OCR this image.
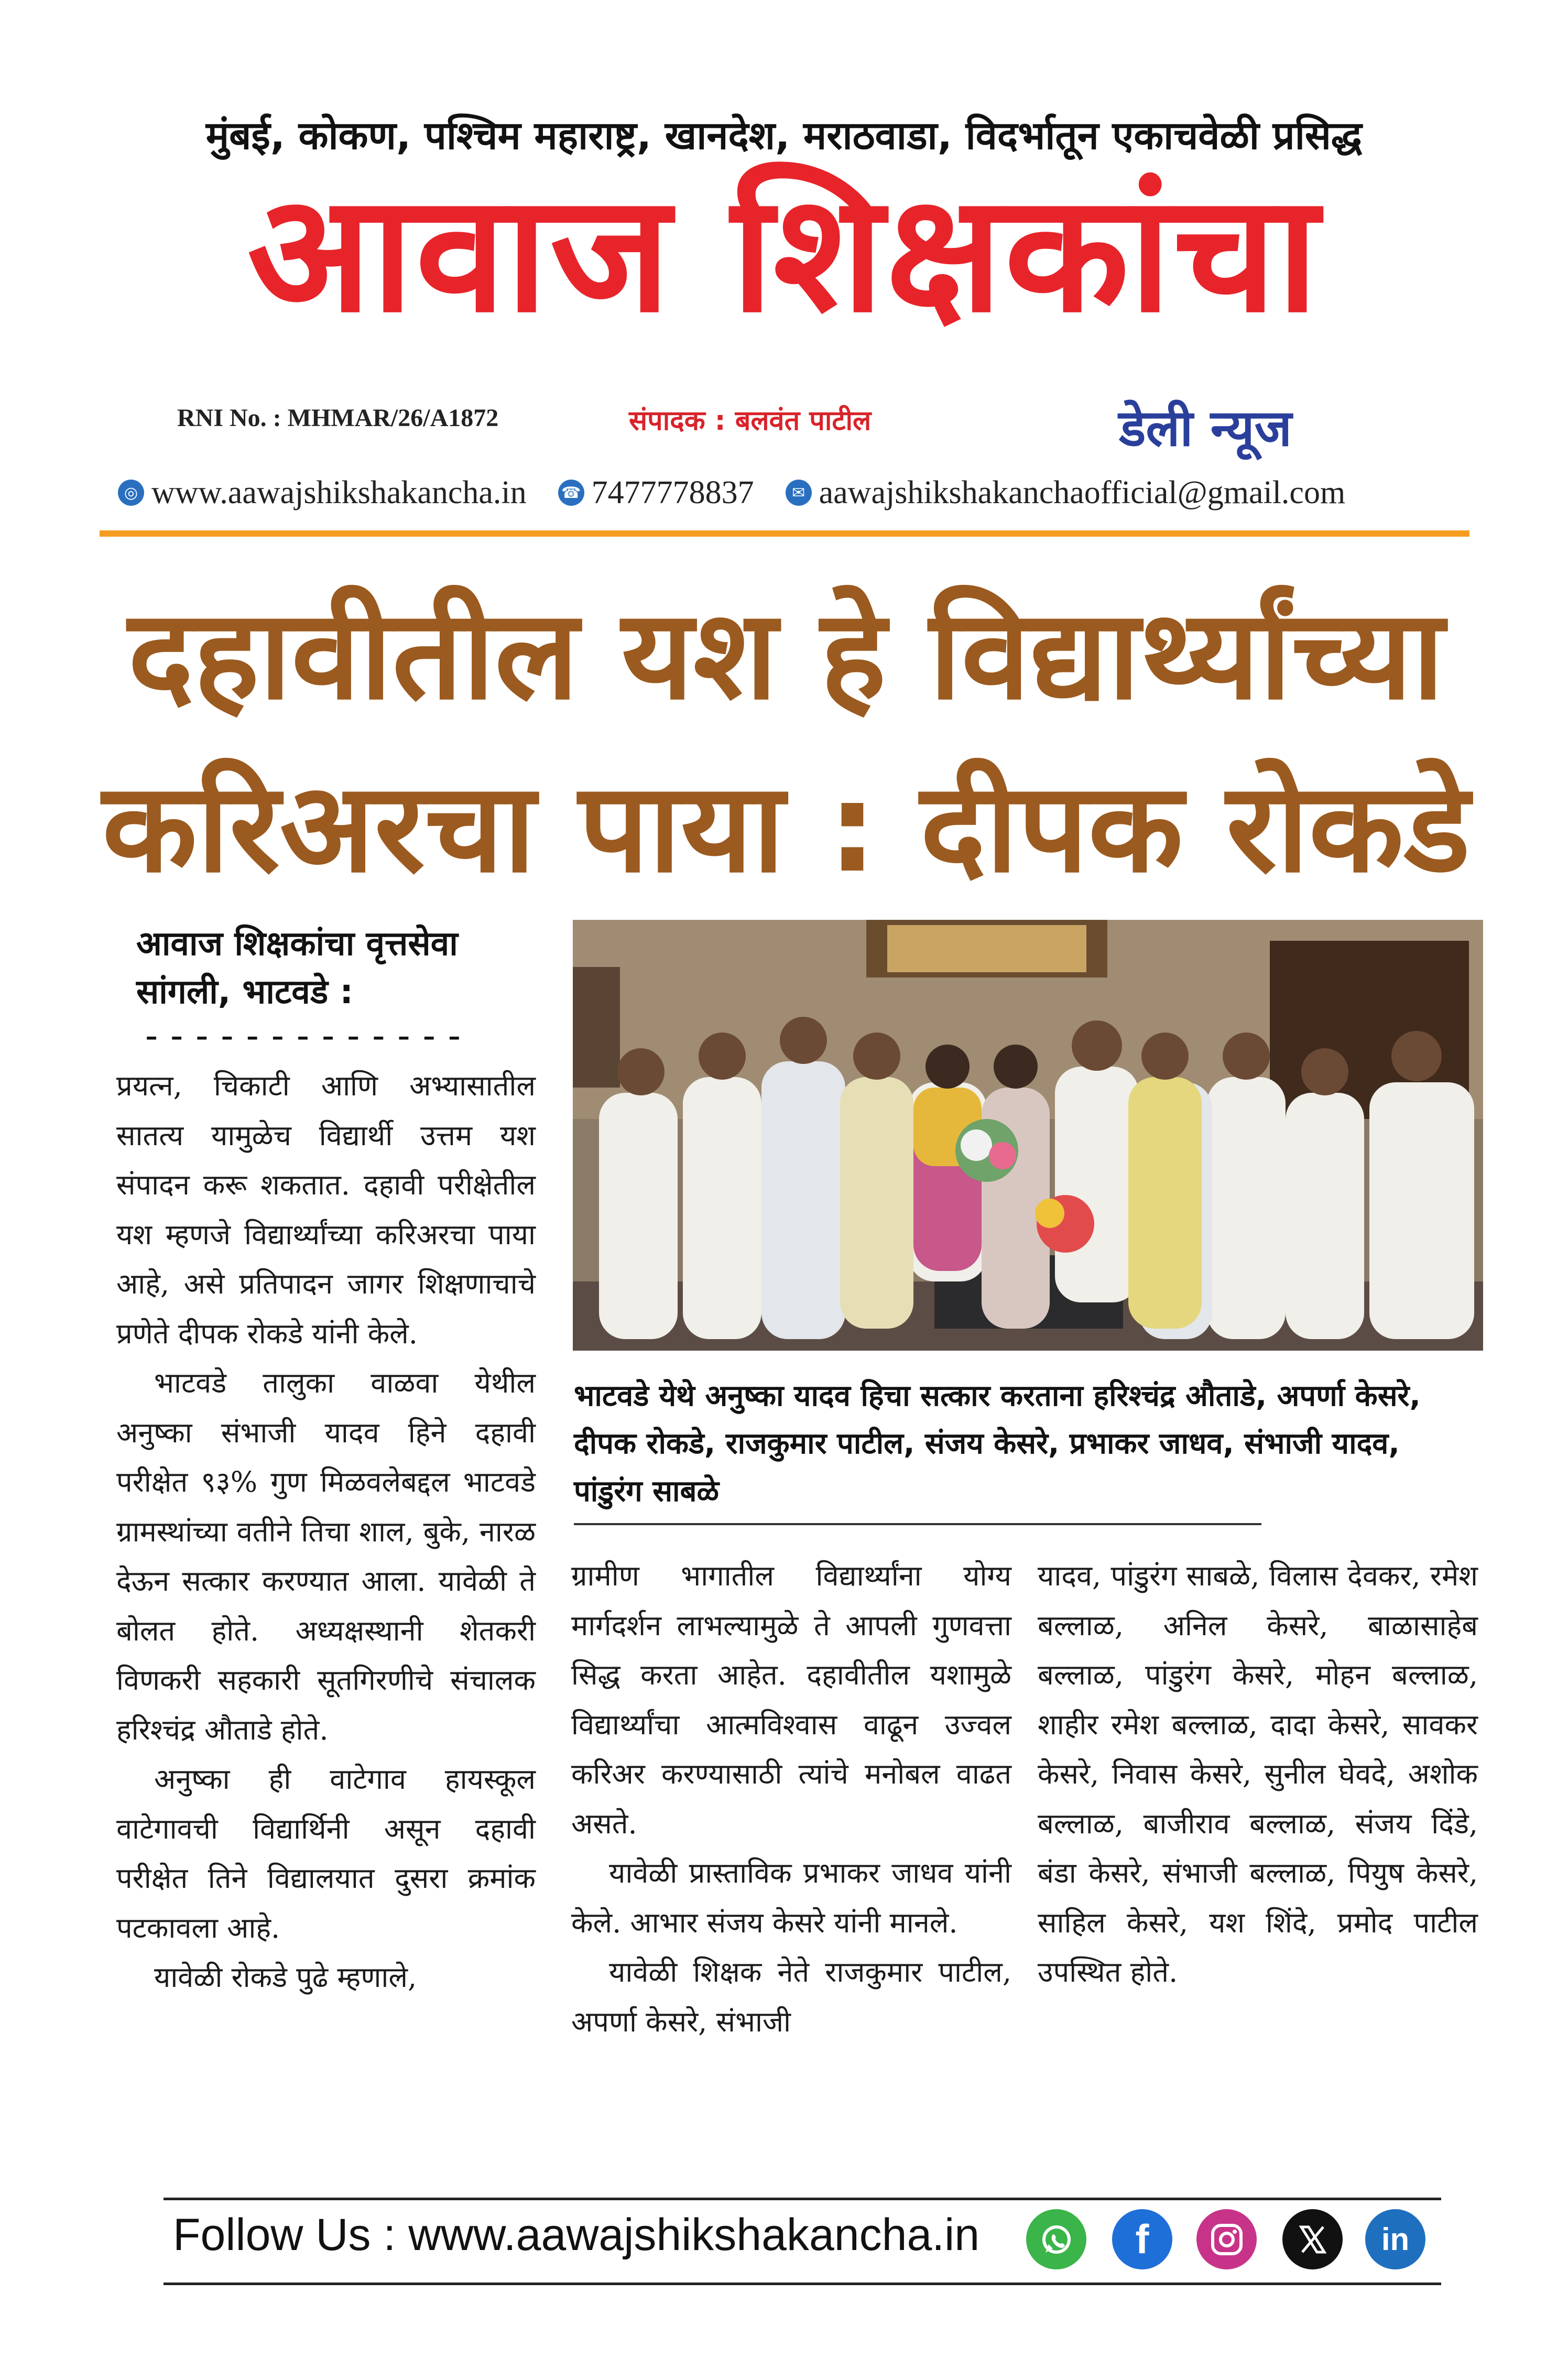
मुंबई, कोकण, पश्चिम महाराष्ट्र, खानदेश, मराठवाडा, विदर्भातून एकाचवेळी प्रसिद्ध
आवाज शिक्षकांचा
RNI No. : MHMAR/26/A1872	संपादक : बलवंत पाटील	डेली न्यूज
◎ www.aawajshikshakancha.in ☎ 7477778837	✉ aawajshikshakanchaofficial@gmail.com
दहावीतील यश हे विद्यार्थ्यांच्या
करिअरचा पाया : दीपक रोकडे
आवाज शिक्षकांचा वृत्तसेवा
सांगली, भाटवडे :
-------------

प्रयत्न, चिकाटी आणि अभ्यासातील सातत्य यामुळेच विद्यार्थी उत्तम यश संपादन करू शकतात. दहावी परीक्षेतील यश म्हणजे विद्यार्थ्यांच्या करिअरचा पाया आहे, असे प्रतिपादन जागर शिक्षणाचाचे प्रणेते दीपक रोकडे यांनी केले.

भाटवडे तालुका वाळवा येथील अनुष्का संभाजी यादव हिने दहावी परीक्षेत ९३% गुण मिळवलेबद्दल भाटवडे ग्रामस्थांच्या वतीने तिचा शाल, बुके, नारळ देऊन सत्कार करण्यात आला. यावेळी ते बोलत होते. अध्यक्षस्थानी शेतकरी विणकरी सहकारी सूतगिरणीचे संचालक हरिश्चंद्र औताडे होते.

अनुष्का ही वाटेगाव हायस्कूल वाटेगावची विद्यार्थिनी असून दहावी परीक्षेत तिने विद्यालयात दुसरा क्रमांक पटकावला आहे.

यावेळी रोकडे पुढे म्हणाले,

भाटवडे येथे अनुष्का यादव हिचा सत्कार करताना हरिश्चंद्र औताडे, अपर्णा केसरे, दीपक रोकडे, राजकुमार पाटील, संजय केसरे, प्रभाकर जाधव, संभाजी यादव, पांडुरंग साबळे

ग्रामीण भागातील विद्यार्थ्यांना योग्य मार्गदर्शन लाभल्यामुळे ते आपली गुणवत्ता सिद्ध करता आहेत. दहावीतील यशामुळे विद्यार्थ्यांचा आत्मविश्वास वाढून उज्वल करिअर करण्यासाठी त्यांचे मनोबल वाढत असते.

यावेळी प्रास्ताविक प्रभाकर जाधव यांनी केले. आभार संजय केसरे यांनी मानले.

यावेळी शिक्षक नेते राजकुमार पाटील, अपर्णा केसरे, संभाजी

यादव, पांडुरंग साबळे, विलास देवकर, रमेश बल्लाळ, अनिल केसरे, बाळासाहेब बल्लाळ, पांडुरंग केसरे, मोहन बल्लाळ, शाहीर रमेश बल्लाळ, दादा केसरे, सावकर केसरे, निवास केसरे, सुनील घेवदे, अशोक बल्लाळ, बाजीराव बल्लाळ, संजय दिंडे, बंडा केसरे, संभाजी बल्लाळ, पियुष केसरे, साहिल केसरे, यश शिंदे, प्रमोद पाटील उपस्थित होते.

Follow Us : www.aawajshikshakancha.in	f	in
